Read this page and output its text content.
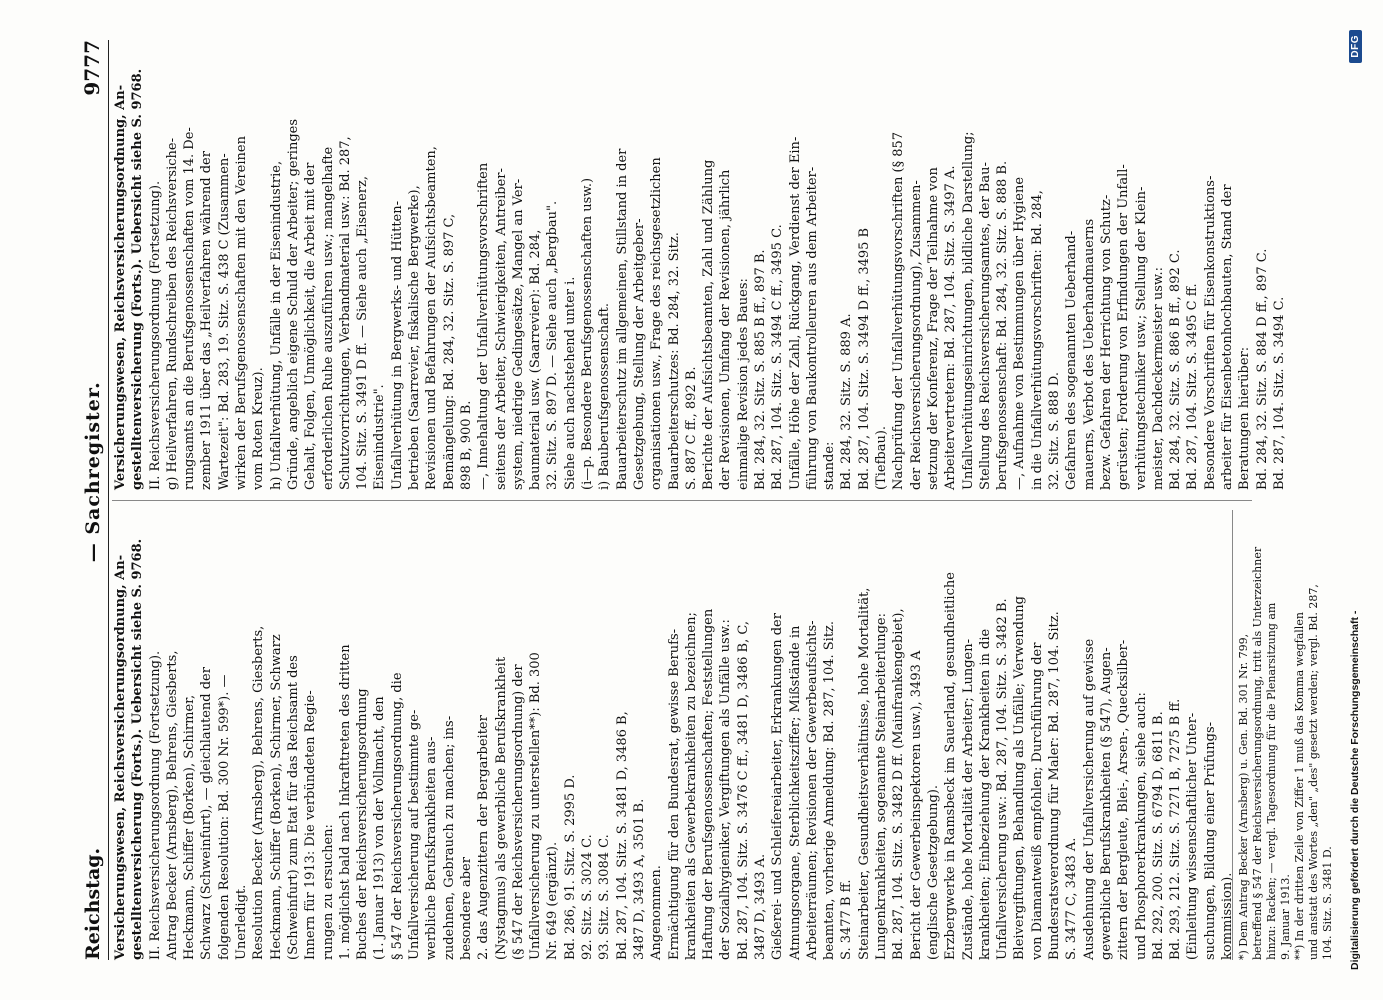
Reichstag.
— Sachregister.
9777
Versicherungswesen, Reichsversicherungsordnung, An- gestelltenversicherung (Forts.). Uebersicht siehe S. 9768. II. Reichsversicherungsordnung (Fortsetzung). Antrag Becker (Arnsberg), Behrens, Giesberts, Heckmann, Schiffer (Borken), Schirmer, Schwarz (Schweinfurt), — gleichlautend der folgenden Resolution: Bd. 300 Nr. 599*). — Unerledigt. Resolution Becker (Arnsberg), Behrens, Giesberts, Heckmann, Schiffer (Borken), Schirmer, Schwarz (Schweinfurt) zum Etat für das Reichsamt des Innern für 1913: Die verbündeten Regie- rungen zu ersuchen: 1. möglichst bald nach Inkrafttreten des dritten Buches der Reichsversicherungsordnung (1. Januar 1913) von der Vollmacht, den § 547 der Reichsversicherungsordnung, die Unfallversicherung auf bestimmte ge- werbliche Berufskrankheiten aus- zudehnen, Gebrauch zu machen; ins- besondere aber 2. das Augenzittern der Bergarbeiter (Nystagmus) als gewerbliche Berufskrankheit (§ 547 der Reichsversicherungsordnung) der Unfallversicherung zu unterstellen**): Bd. 300 Nr. 649 (ergänzt). Bd. 286, 91. Sitz. S. 2995 D. 92. Sitz. S. 3024 C. 93. Sitz. S. 3084 C. Bd. 287, 104. Sitz. S. 3481 D, 3486 B, 3487 D, 3493 A, 3501 B. Angenommen. Ermächtigung für den Bundesrat, gewisse Berufs- krankheiten als Gewerbekrankheiten zu bezeichnen; Haftung der Berufsgenossenschaften; Feststellungen der Sozialhygieniker, Vergiftungen als Unfälle usw.: Bd. 287, 104. Sitz. S. 3476 C ff., 3481 D, 3486 B, C, 3487 D, 3493 A. Gießerei- und Schleifereiarbeiter, Erkrankungen der Atmungsorgane, Sterblichkeitsziffer; Mißstände in Arbeiterräumen; Revisionen der Gewerbeaufsichts- beamten, vorherige Anmeldung: Bd. 287, 104. Sitz. S. 3477 B ff. Steinarbeiter, Gesundheitsverhältnisse, hohe Mortalität, Lungenkrankheiten, sogenannte Steinarbeiterlunge: Bd. 287, 104. Sitz. S. 3482 D ff. (Mainfrankengebiet), Bericht der Gewerbeinspektoren usw.), 3493 A (englische Gesetzgebung). Erzbergwerke in Ramsbeck im Sauerland, gesundheitliche Zustände, hohe Mortalität der Arbeiter; Lungen- krankheiten; Einbeziehung der Krankheiten in die Unfallversicherung usw.: Bd. 287, 104. Sitz. S. 3482 B. Bleivergiftungen, Behandlung als Unfälle; Verwendung von Diamantweiß empfohlen; Durchführung der Bundesratsverordnung für Maler: Bd. 287, 104. Sitz. S. 3477 C, 3483 A. Ausdehnung der Unfallversicherung auf gewisse gewerbliche Berufskrankheiten (§ 547), Augen- zittern der Bergleute, Blei-, Arsen-, Quecksilber- und Phosphorerkrankungen, siehe auch: Bd. 292, 200. Sitz. S. 6794 D, 6811 B. Bd. 293, 212. Sitz. S. 7271 B, 7275 B ff. (Einleitung wissenschaftlicher Unter- suchungen, Bildung einer Prüfungs- kommission).
Versicherungswesen, Reichsversicherungsordnung, An- gestelltenversicherung (Forts.). Uebersicht siehe S. 9768. II. Reichsversicherungsordnung (Fortsetzung). g) Heilverfahren, Rundschreiben des Reichsversiche- rungsamts an die Berufsgenossenschaften vom 14. De- zember 1911 über das „Heilverfahren während der Wartezeit": Bd. 283, 19. Sitz. S. 438 C (Zusammen- wirken der Berufsgenossenschaften mit den Vereinen vom Roten Kreuz). h) Unfallverhütung, Unfälle in der Eisenindustrie, Gründe, angeblich eigene Schuld der Arbeiter; geringes Gehalt, Folgen, Unmöglichkeit, die Arbeit mit der erforderlichen Ruhe auszuführen usw.; mangelhafte Schutzvorrichtungen, Verbandmaterial usw.: Bd. 287, 104. Sitz. S. 3491 D ff. — Siehe auch „Eisenerz, Eisenindustrie". Unfallverhütung in Bergwerks- und Hütten- betrieben (Saarrevier, fiskalische Bergwerke), Revisionen und Befahrungen der Aufsichtsbeamten, Bemängelung: Bd. 284, 32. Sitz. S. 897 C, 898 B, 900 B. —, Innehaltung der Unfallverhütungsvorschriften seitens der Arbeiter, Schwierigkeiten, Antreiber- system, niedrige Gedingesätze, Mangel an Ver- baumaterial usw. (Saarrevier): Bd. 284, 32. Sitz. S. 897 D. — Siehe auch „Bergbau". Siehe auch nachstehend unter i. (i—p. Besondere Berufsgenossenschaften usw.) i) Bauberufsgenossenschaft. Bauarbeiterschutz im allgemeinen, Stillstand in der Gesetzgebung, Stellung der Arbeitgeber- organisationen usw., Frage des reichsgesetzlichen Bauarbeiterschutzes: Bd. 284, 32. Sitz. S. 887 C ff., 892 B. Berichte der Aufsichtsbeamten, Zahl und Zählung der Revisionen, Umfang der Revisionen, jährlich einmalige Revision jedes Baues: Bd. 284, 32. Sitz. S. 885 B ff., 897 B. Bd. 287, 104. Sitz. S. 3494 C ff., 3495 C. Unfälle, Höhe der Zahl, Rückgang, Verdienst der Ein- führung von Baukontrolleuren aus dem Arbeiter- stande: Bd. 284, 32. Sitz. S. 889 A. Bd. 287, 104. Sitz. S. 3494 D ff., 3495 B (Tiefbau). Nachprüfung der Unfallverhütungsvorschriften (§ 857 der Reichsversicherungsordnung), Zusammen- setzung der Konferenz, Frage der Teilnahme von Arbeitervertretern: Bd. 287, 104. Sitz. S. 3497 A. Unfallverhütungseinrichtungen, bildliche Darstellung; Stellung des Reichsversicherungsamtes, der Bau- berufsgenossenschaft: Bd. 284, 32. Sitz. S. 888 B. —, Aufnahme von Bestimmungen über Hygiene in die Unfallverhütungsvorschriften: Bd. 284, 32. Sitz. S. 888 D. Gefahren des sogenannten Ueberhand- mauerns, Verbot des Ueberhandmauerns bezw. Gefahren der Herrichtung von Schutz- gerüsten; Forderung von Erfindungen der Unfall- verhütungstechniker usw.; Stellung der Klein- meister, Dachdeckermeister usw.: Bd. 284, 32. Sitz. S. 886 B ff., 892 C. Bd. 287, 104. Sitz. S. 3495 C ff. Besondere Vorschriften für Eisenkonstruktions- arbeiter für Eisenbetonhochbauten, Stand der Beratungen hierüber: Bd. 284, 32. Sitz. S. 884 D ff., 897 C. Bd. 287, 104. Sitz. S. 3494 C.
*) Dem Antrag Becker (Arnsberg) u. Gen. Bd. 301 Nr. 799, betreffend § 547 der Reichsversicherungsordnung, tritt als Unterzeichner hinzu: Racken; — vergl. Tagesordnung für die Plenarsitzung am 9. Januar 1913. **) In der dritten Zeile von Ziffer 1 muß das Komma wegfallen und anstatt des Wortes „den" „des" gesetzt werden; vergl. Bd. 287, 104. Sitz. S. 3481 D. Digitalisierung gefördert durch die Deutsche Forschungsgemeinschaft -
DFG
